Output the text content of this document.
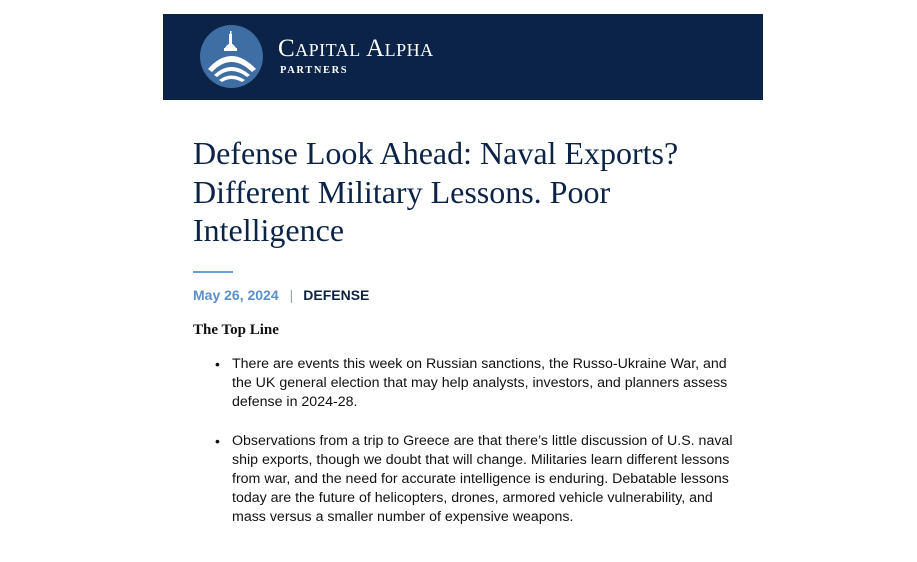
Capital Alpha
PARTNERS
Defense Look Ahead: Naval Exports? Different Military Lessons. Poor Intelligence
May 26, 2024 | DEFENSE
The Top Line
• There are events this week on Russian sanctions, the Russo-Ukraine War, and the UK general election that may help analysts, investors, and planners assess defense in 2024-28.
• Observations from a trip to Greece are that there’s little discussion of U.S. naval ship exports, though we doubt that will change. Militaries learn different lessons from war, and the need for accurate intelligence is enduring. Debatable lessons today are the future of helicopters, drones, armored vehicle vulnerability, and mass versus a smaller number of expensive weapons.
